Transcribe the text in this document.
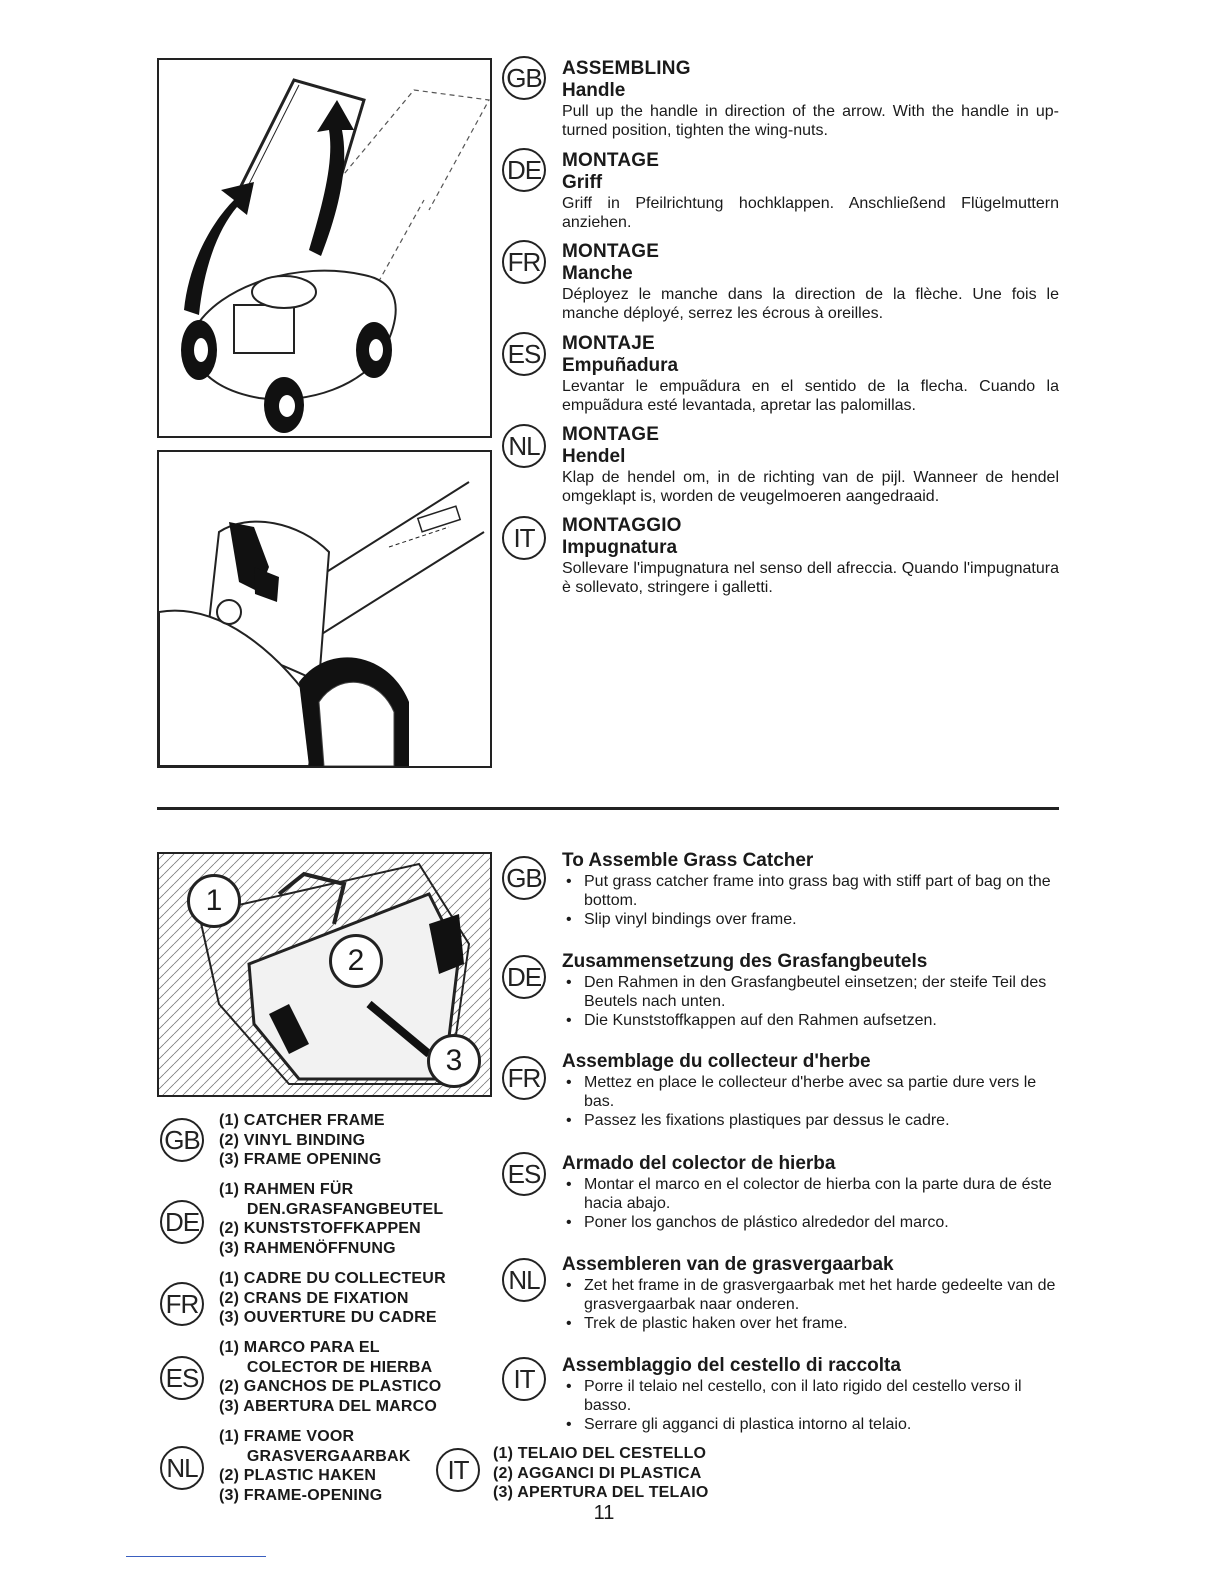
GB ASSEMBLING
Handle
Pull up the handle in direction of the arrow. With the handle in up-turned position, tighten the wing-nuts.
DE MONTAGE
Griff
Griff in Pfeilrichtung hochklappen. Anschließend Flügelmuttern anziehen.
FR MONTAGE
Manche
Déployez le manche dans la direction de la flèche. Une fois le manche déployé, serrez les écrous à oreilles.
ES MONTAJE
Empuñadura
Levantar le empuãdura en el sentido de la flecha. Cuando la empuãdura esté levantada, apretar las palomillas.
NL	MONTAGE
Hendel
Klap de hendel om, in de richting van de pijl. Wanneer de hendel omgeklapt is, worden de veugelmoeren aangedraaid.
IT	MONTAGGIO
Impugnatura
Sollevare l'impugnatura nel senso dell afreccia. Quando l'impugnatura è sollevato, stringere i galletti.
1
2
3
GB
To Assemble Grass Catcher
• Put grass catcher frame into grass bag with stiff part of bag on the bottom.
• Slip vinyl bindings over frame.
DE
Zusammensetzung des Grasfangbeutels
• Den Rahmen in den Grasfangbeutel einsetzen; der steife Teil des Beutels nach unten.
• Die Kunststoffkappen auf den Rahmen aufsetzen.
FR
Assemblage du collecteur d'herbe
• Mettez en place le collecteur d'herbe avec sa partie dure vers le bas.
• Passez les fixations plastiques par dessus le cadre.
ES Armado del colector de hierba
• Montar el marco en el colector de hierba con la parte dura de éste hacia abajo.
• Poner los ganchos de plástico alrededor del marco.
NL
Assembleren van de grasvergaarbak
• Zet het frame in de grasvergaarbak met het harde gedeelte van de grasvergaarbak naar onderen.
• Trek de plastic haken over het frame.
IT	Assemblaggio del cestello di raccolta
• Porre il telaio nel cestello, con il lato rigido del cestello verso il basso.
• Serrare gli agganci di plastica intorno al telaio.
GB
(1) CATCHER FRAME
(2) VINYL BINDING
(3) FRAME OPENING
DE
(1) RAHMEN FÜR
DEN.GRASFANGBEUTEL
(2) KUNSTSTOFFKAPPEN
(3) RAHMENÖFFNUNG
FR
(1) CADRE DU COLLECTEUR
(2) CRANS DE FIXATION
(3) OUVERTURE DU CADRE
ES
(1) MARCO PARA EL
COLECTOR DE HIERBA
(2) GANCHOS DE PLASTICO
(3) ABERTURA DEL MARCO
NL
(1) FRAME VOOR
GRASVERGAARBAK
(2) PLASTIC HAKEN
(3) FRAME-OPENING
IT
(1) TELAIO DEL CESTELLO
(2) AGGANCI DI PLASTICA
(3) APERTURA DEL TELAIO
11
